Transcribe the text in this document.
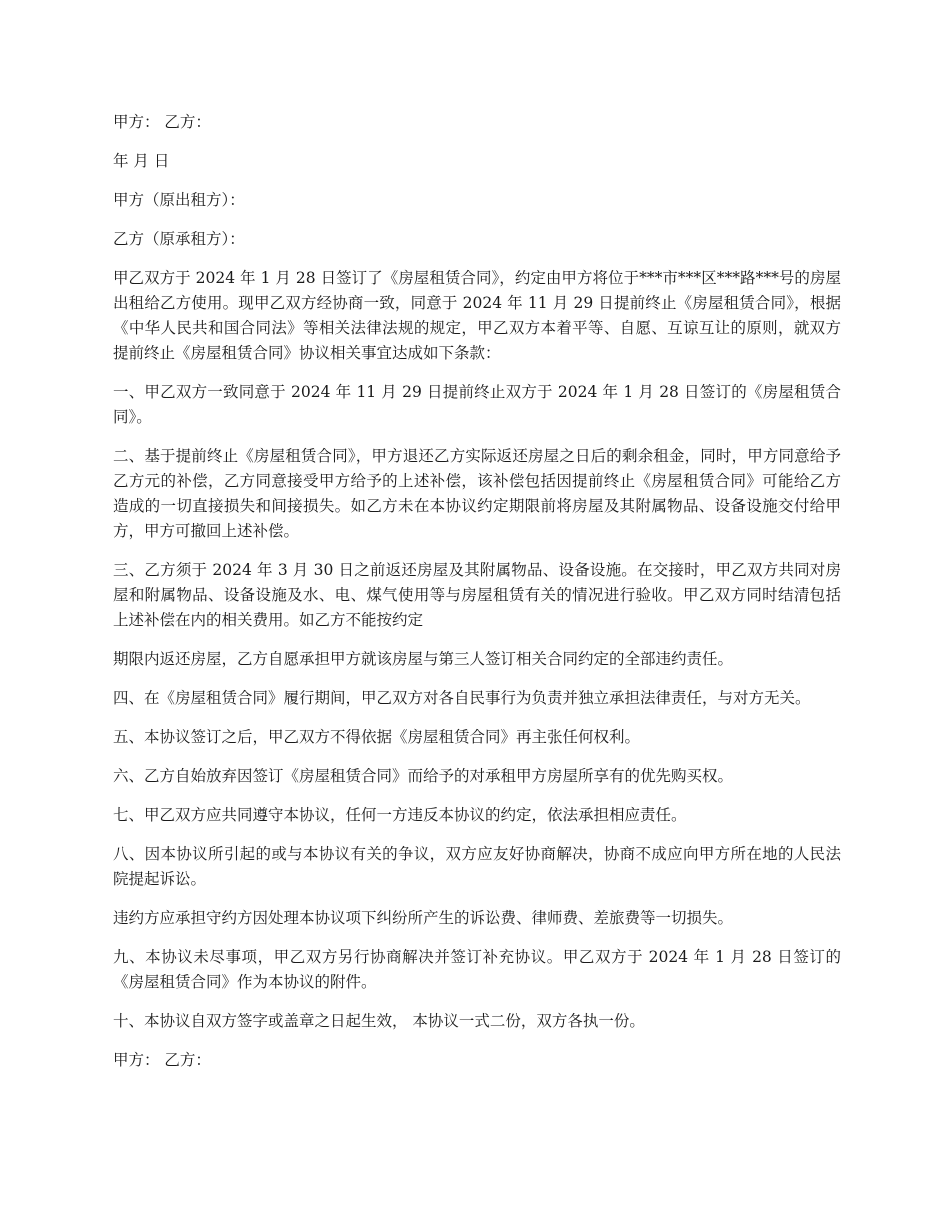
甲方： 乙方：

年 月 日

甲方（原出租方）：

乙方（原承租方）：

甲乙双方于 2024 年 1 月 28 日签订了《房屋租赁合同》，约定由甲方将位于***市***区***路***号的房屋出租给乙方使用。现甲乙双方经协商一致，同意于 2024 年 11 月 29 日提前终止《房屋租赁合同》，根据《中华人民共和国合同法》等相关法律法规的规定，甲乙双方本着平等、自愿、互谅互让的原则，就双方提前终止《房屋租赁合同》协议相关事宜达成如下条款：

一、甲乙双方一致同意于 2024 年 11 月 29 日提前终止双方于 2024 年 1 月 28 日签订的《房屋租赁合同》。

二、基于提前终止《房屋租赁合同》，甲方退还乙方实际返还房屋之日后的剩余租金，同时，甲方同意给予乙方元的补偿，乙方同意接受甲方给予的上述补偿，该补偿包括因提前终止《房屋租赁合同》可能给乙方造成的一切直接损失和间接损失。如乙方未在本协议约定期限前将房屋及其附属物品、设备设施交付给甲方，甲方可撤回上述补偿。

三、乙方须于 2024 年 3 月 30 日之前返还房屋及其附属物品、设备设施。在交接时，甲乙双方共同对房屋和附属物品、设备设施及水、电、煤气使用等与房屋租赁有关的情况进行验收。甲乙双方同时结清包括上述补偿在内的相关费用。如乙方不能按约定

期限内返还房屋，乙方自愿承担甲方就该房屋与第三人签订相关合同约定的全部违约责任。

四、在《房屋租赁合同》履行期间，甲乙双方对各自民事行为负责并独立承担法律责任，与对方无关。

五、本协议签订之后，甲乙双方不得依据《房屋租赁合同》再主张任何权利。

六、乙方自始放弃因签订《房屋租赁合同》而给予的对承租甲方房屋所享有的优先购买权。

七、甲乙双方应共同遵守本协议，任何一方违反本协议的约定，依法承担相应责任。

八、因本协议所引起的或与本协议有关的争议，双方应友好协商解决，协商不成应向甲方所在地的人民法院提起诉讼。

违约方应承担守约方因处理本协议项下纠纷所产生的诉讼费、律师费、差旅费等一切损失。

九、本协议未尽事项，甲乙双方另行协商解决并签订补充协议。甲乙双方于 2024 年 1 月 28 日签订的《房屋租赁合同》作为本协议的附件。

十、本协议自双方签字或盖章之日起生效， 本协议一式二份，双方各执一份。

甲方： 乙方：
